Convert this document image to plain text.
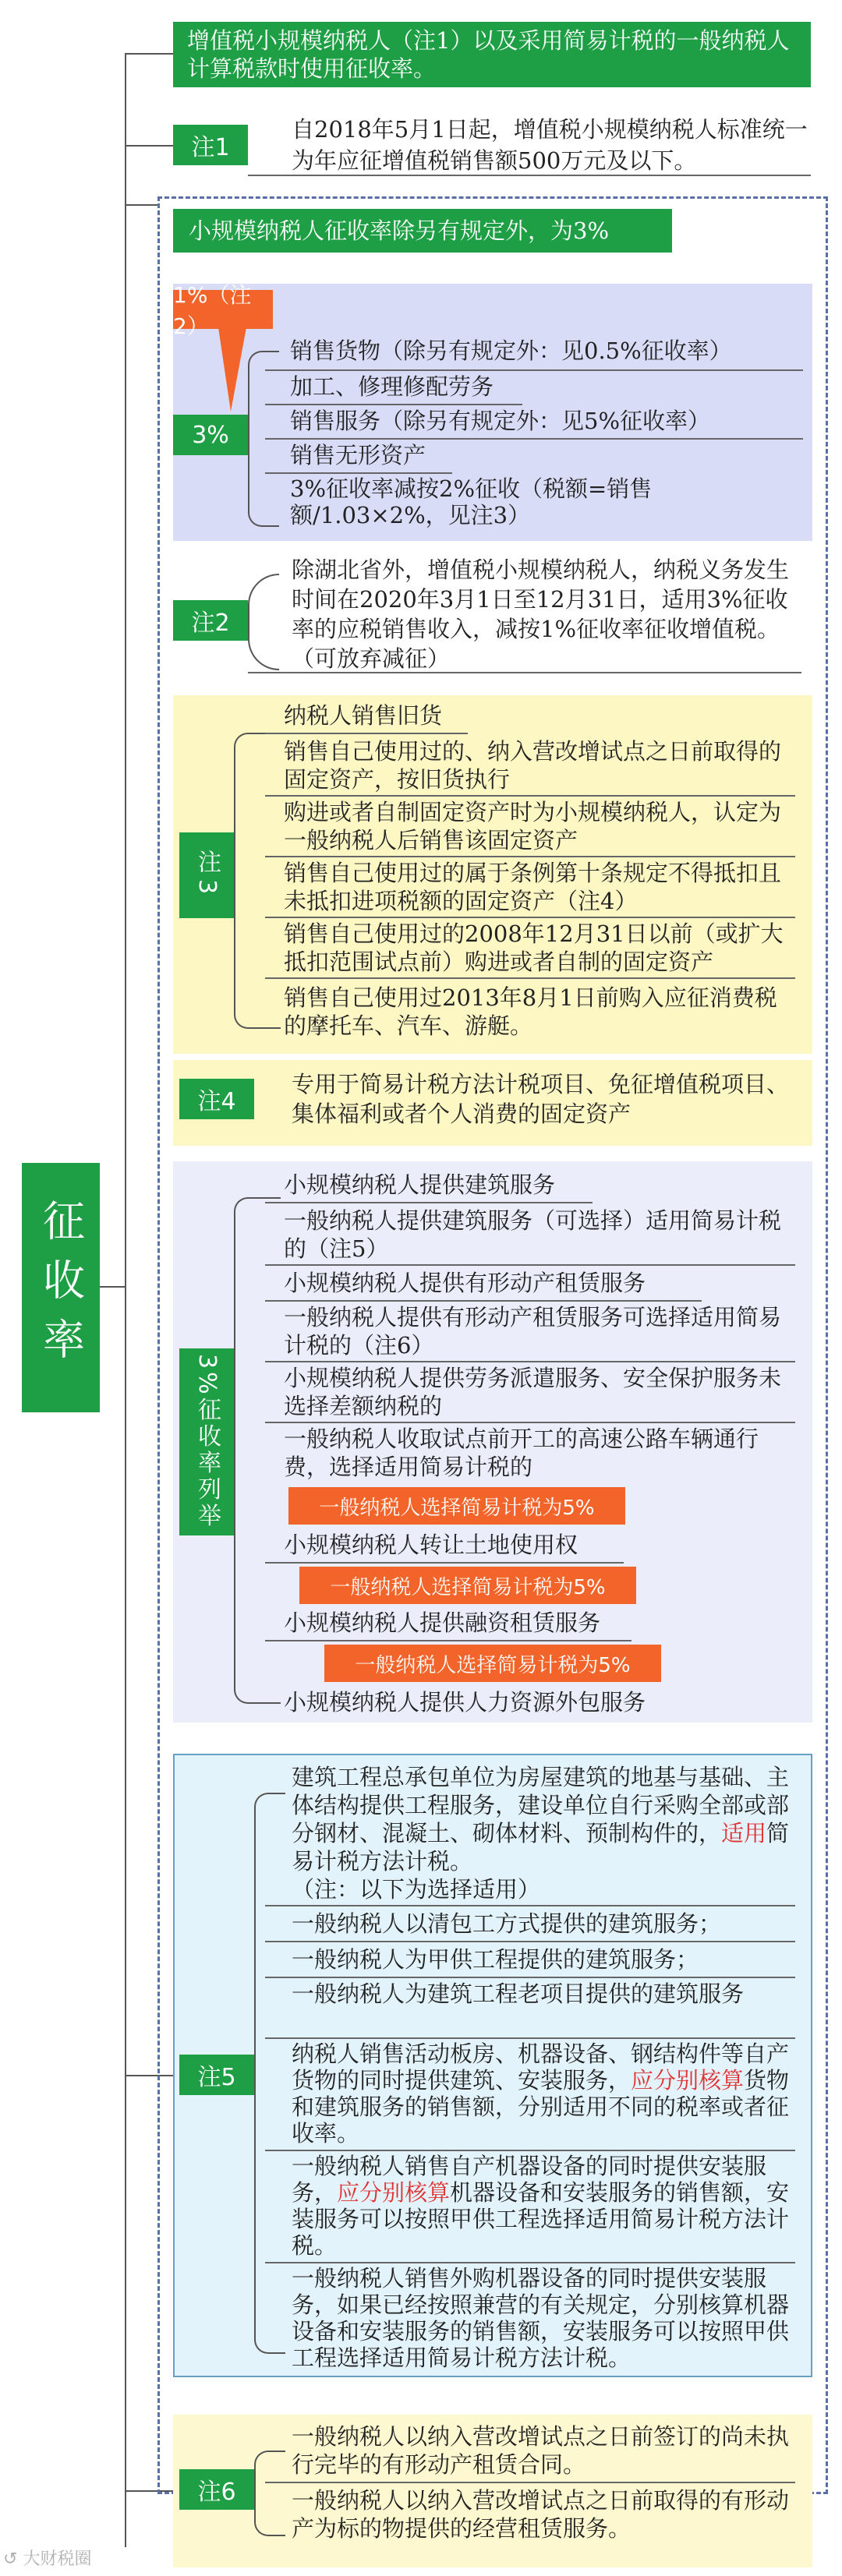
征收率
增值税小规模纳税人（注1）以及采用简易计税的一般纳税人计算税款时使用征收率。
注1
自2018年5月1日起，增值税小规模纳税人标准统一为年应征增值税销售额500万元及以下。
小规模纳税人征收率除另有规定外，为3%
1%（注2）
3%
销售货物（除另有规定外：见0.5%征收率）
加工、修理修配劳务
销售服务（除另有规定外：见5%征收率）
销售无形资产
3%征收率减按2%征收（税额=销售额/1.03×2%，见注3）
注2
除湖北省外，增值税小规模纳税人，纳税义务发生时间在2020年3月1日至12月31日，适用3%征收率的应税销售收入，减按1%征收率征收增值税。（可放弃减征）
注3
纳税人销售旧货
销售自己使用过的、纳入营改增试点之日前取得的固定资产，按旧货执行
购进或者自制固定资产时为小规模纳税人，认定为一般纳税人后销售该固定资产
销售自己使用过的属于条例第十条规定不得抵扣且未抵扣进项税额的固定资产（注4）
销售自己使用过的2008年12月31日以前（或扩大抵扣范围试点前）购进或者自制的固定资产
销售自己使用过2013年8月1日前购入应征消费税的摩托车、汽车、游艇。
注4
专用于简易计税方法计税项目、免征增值税项目、集体福利或者个人消费的固定资产
3%征收率列举
小规模纳税人提供建筑服务
一般纳税人提供建筑服务（可选择）适用简易计税的（注5）
小规模纳税人提供有形动产租赁服务
一般纳税人提供有形动产租赁服务可选择适用简易计税的（注6）
小规模纳税人提供劳务派遣服务、安全保护服务未选择差额纳税的
一般纳税人收取试点前开工的高速公路车辆通行费，选择适用简易计税的
一般纳税人选择简易计税为5%
小规模纳税人转让土地使用权
一般纳税人选择简易计税为5%
小规模纳税人提供融资租赁服务
一般纳税人选择简易计税为5%
小规模纳税人提供人力资源外包服务
注5
建筑工程总承包单位为房屋建筑的地基与基础、主体结构提供工程服务，建设单位自行采购全部或部分钢材、混凝土、砌体材料、预制构件的，适用简易计税方法计税。
（注：以下为选择适用）
一般纳税人以清包工方式提供的建筑服务；
一般纳税人为甲供工程提供的建筑服务；
一般纳税人为建筑工程老项目提供的建筑服务
纳税人销售活动板房、机器设备、钢结构件等自产货物的同时提供建筑、安装服务，应分别核算货物和建筑服务的销售额，分别适用不同的税率或者征收率。
一般纳税人销售自产机器设备的同时提供安装服务，应分别核算机器设备和安装服务的销售额，安装服务可以按照甲供工程选择适用简易计税方法计税。
一般纳税人销售外购机器设备的同时提供安装服务，如果已经按照兼营的有关规定，分别核算机器设备和安装服务的销售额，安装服务可以按照甲供工程选择适用简易计税方法计税。
注6
一般纳税人以纳入营改增试点之日前签订的尚未执行完毕的有形动产租赁合同。
一般纳税人以纳入营改增试点之日前取得的有形动产为标的物提供的经营租赁服务。
↺ 大财税圈
